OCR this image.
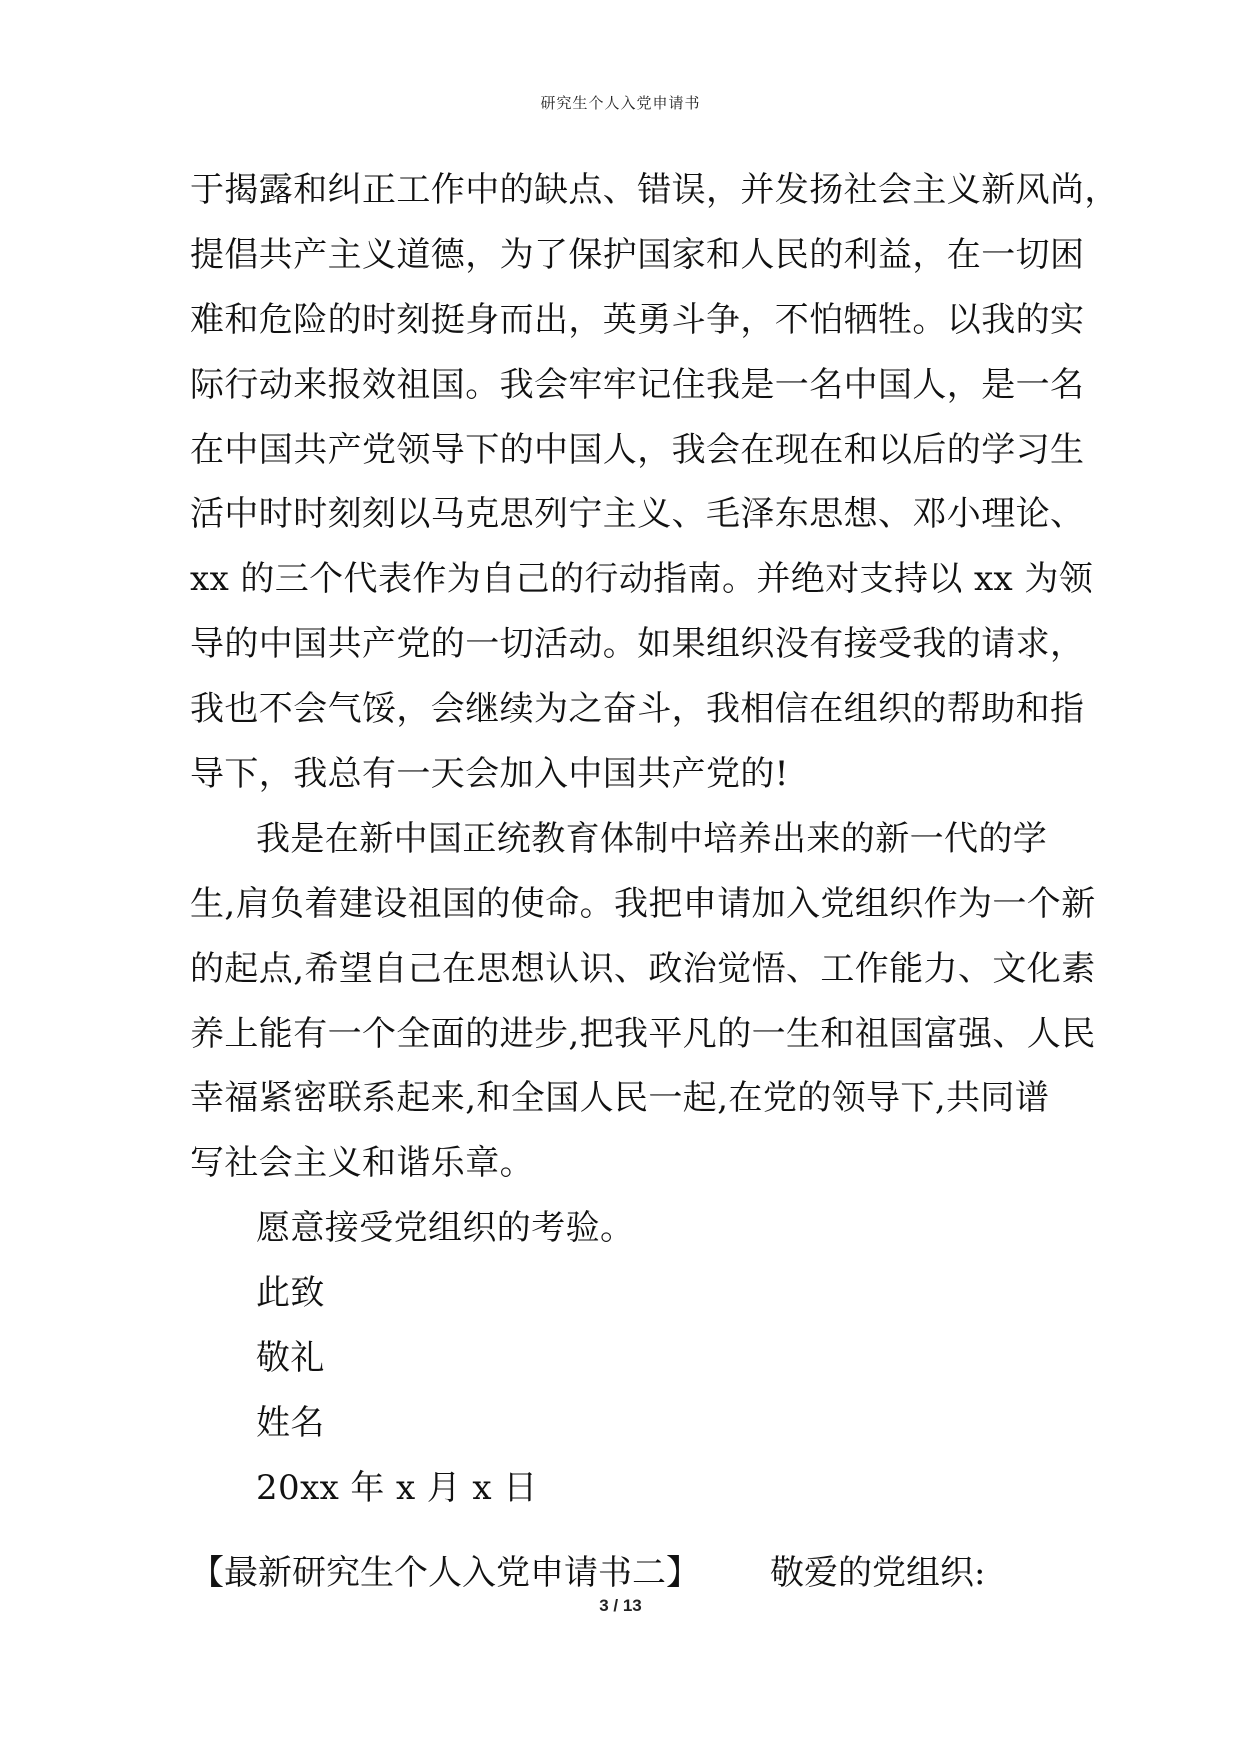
研究生个人入党申请书
于揭露和纠正工作中的缺点、错误，并发扬社会主义新风尚，
提倡共产主义道德，为了保护国家和人民的利益，在一切困
难和危险的时刻挺身而出，英勇斗争，不怕牺牲。以我的实
际行动来报效祖国。我会牢牢记住我是一名中国人，是一名
在中国共产党领导下的中国人，我会在现在和以后的学习生
活中时时刻刻以马克思列宁主义、毛泽东思想、邓小理论、
xx 的三个代表作为自己的行动指南。并绝对支持以 xx 为领
导的中国共产党的一切活动。如果组织没有接受我的请求，
我也不会气馁，会继续为之奋斗，我相信在组织的帮助和指
导下，我总有一天会加入中国共产党的!
我是在新中国正统教育体制中培养出来的新一代的学
生,肩负着建设祖国的使命。我把申请加入党组织作为一个新
的起点,希望自己在思想认识、政治觉悟、工作能力、文化素
养上能有一个全面的进步,把我平凡的一生和祖国富强、人民
幸福紧密联系起来,和全国人民一起,在党的领导下,共同谱
写社会主义和谐乐章。
愿意接受党组织的考验。
此致
敬礼
姓名
20xx 年 x 月 x 日
【最新研究生个人入党申请书二】 敬爱的党组织:
3 / 13
